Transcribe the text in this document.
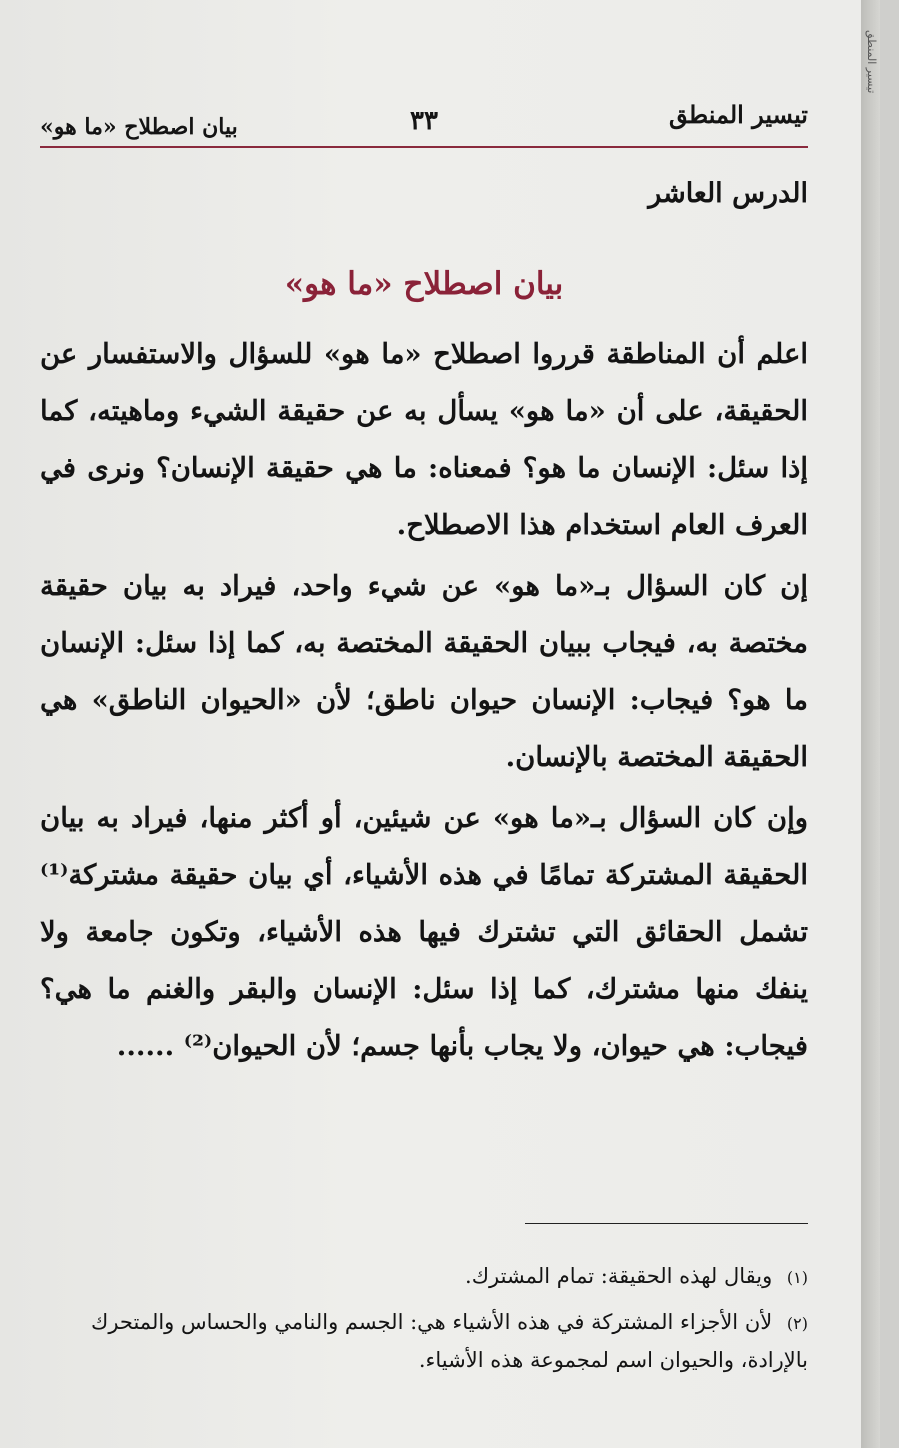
تيسير المنطق
تيسير المنطق
٣٣
بيان اصطلاح «ما هو»
الدرس العاشر
بيان اصطلاح «ما هو»

اعلم أن المناطقة قرروا اصطلاح «ما هو» للسؤال والاستفسار عن الحقيقة، على أن «ما هو» يسأل به عن حقيقة الشيء وماهيته، كما إذا سئل: الإنسان ما هو؟ فمعناه: ما هي حقيقة الإنسان؟ ونرى في العرف العام استخدام هذا الاصطلاح.

إن كان السؤال بـ«ما هو» عن شيء واحد، فيراد به بيان حقيقة مختصة به، فيجاب ببيان الحقيقة المختصة به، كما إذا سئل: الإنسان ما هو؟ فيجاب: الإنسان حيوان ناطق؛ لأن «الحيوان الناطق» هي الحقيقة المختصة بالإنسان.

وإن كان السؤال بـ«ما هو» عن شيئين، أو أكثر منها، فيراد به بيان الحقيقة المشتركة تمامًا في هذه الأشياء، أي بيان حقيقة مشتركة⁽¹⁾ تشمل الحقائق التي تشترك فيها هذه الأشياء، وتكون جامعة ولا ينفك منها مشترك، كما إذا سئل: الإنسان والبقر والغنم ما هي؟ فيجاب: هي حيوان، ولا يجاب بأنها جسم؛ لأن الحيوان⁽²⁾ ......

(١) ويقال لهذه الحقيقة: تمام المشترك.
(٢) لأن الأجزاء المشتركة في هذه الأشياء هي: الجسم والنامي والحساس والمتحرك بالإرادة، والحيوان اسم لمجموعة هذه الأشياء.
